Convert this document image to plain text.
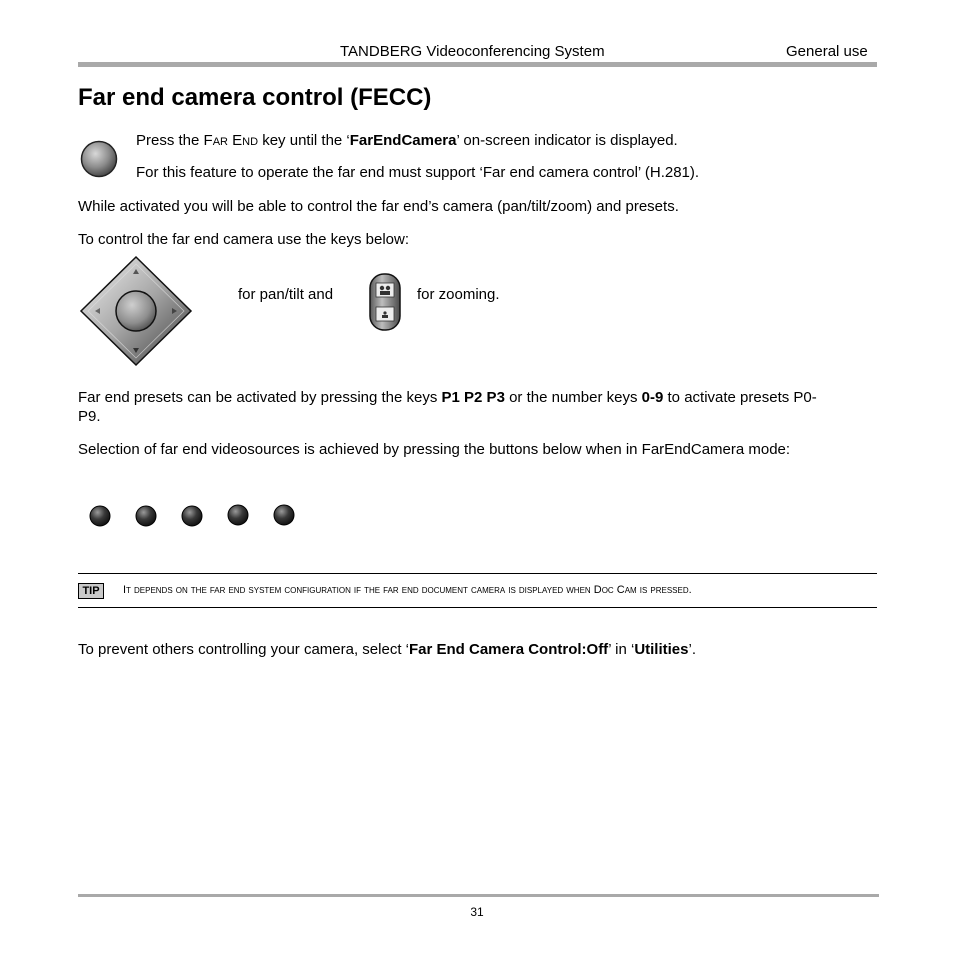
TANDBERG Videoconferencing System	General use
Far end camera control (FECC)
Press the Far End key until the ‘FarEndCamera’ on-screen indicator is displayed.
For this feature to operate the far end must support ‘Far end camera control’ (H.281).
While activated you will be able to control the far end’s camera (pan/tilt/zoom) and presets.
To control the far end camera use the keys below:
for pan/tilt and	for zooming.
Far end presets can be activated by pressing the keys P1 P2 P3 or the number keys 0-9 to activate presets P0-
P9.
Selection of far end videosources is achieved by pressing the buttons below when in FarEndCamera mode:
TIP	It depends on the far end system configuration if the far end document camera is displayed when Doc Cam is pressed.
To prevent others controlling your camera, select ‘Far End Camera Control:Off’ in ‘Utilities’.
31
